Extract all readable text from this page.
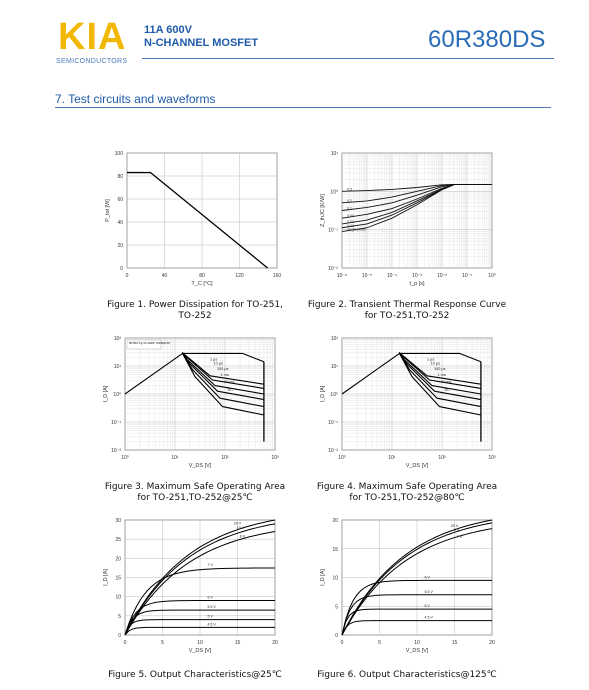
KIA
SEMICONDUCTORS
11A 600V
N-CHANNEL MOSFET	60R380DS
7. Test circuits and waveforms
0	40	80	120	160
0
20
40
60
80
100
T_C [°C]
P_tot [W]
Figure 1. Power Dissipation for TO-251,
TO-252
10⁻⁶	10⁻⁵	10⁻⁴	10⁻³	10⁻²	10⁻¹	10⁰
10⁻²
10⁻¹
10⁰
10¹
t_p [s]
Z_thJC [K/W]
0.5
0.2
0.1
0.05
0.02
0.01
single pulse
Figure 2. Transient Thermal Response Curve
for TO-251,TO-252
10⁰	10¹	10²	10³
10⁻²
10⁻¹
10⁰
10¹
10²
V_DS [V]
I_D [A]
1 μs
10 μs
100 μs
1 ms
10 ms
DC
limited by on-state resistance
Figure 3. Maximum Safe Operating Area
for TO-251,TO-252@25℃
10⁰	10¹	10²	10³
10⁻²
10⁻¹
10⁰
10¹
10²
V_DS [V]
I_D [A]
1 μs
10 μs
100 μs
1 ms
10 ms
DC
Figure 4. Maximum Safe Operating Area
for TO-251,TO-252@80℃
0	5	10	15	20
0
5
10
15
20
25
30
V_DS [V]
I_D [A]
20 V
10 V
8 V
7 V
6 V
5.5 V
5 V
4.5 V
Figure 5. Output Characteristics@25℃
0	5	10	15	20
0
5
10
15
20
V_DS [V]
I_D [A]
20 V
8 V
7 V
6 V
5.5 V
5 V
4.5 V
Figure 6. Output Characteristics@125℃
